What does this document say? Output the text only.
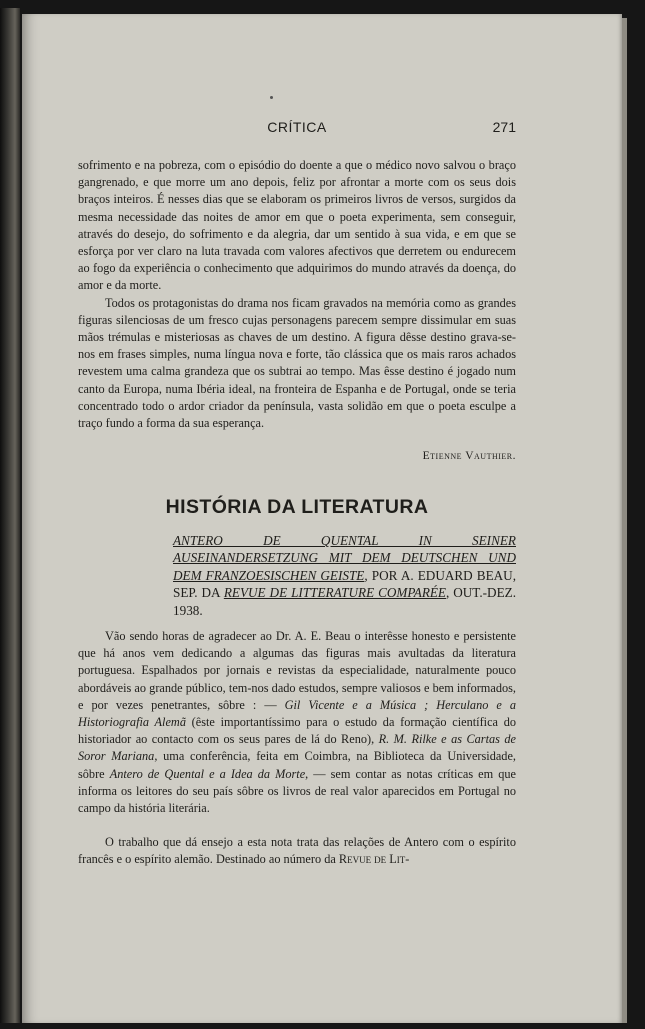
CRÍTICA	271

sofrimento e na pobreza, com o episódio do doente a que o médico novo salvou o braço gangrenado, e que morre um ano depois, feliz por afrontar a morte com os seus dois braços inteiros. É nesses dias que se elaboram os primeiros livros de versos, surgidos da mesma necessidade das noites de amor em que o poeta experimenta, sem conseguir, através do desejo, do sofrimento e da alegria, dar um sentido à sua vida, e em que se esforça por ver claro na luta travada com valores afectivos que derretem ou endurecem ao fogo da experiência o conhecimento que adquirimos do mundo através da doença, do amor e da morte.

Todos os protagonistas do drama nos ficam gravados na memória como as grandes figuras silenciosas de um fresco cujas personagens parecem sempre dissimular em suas mãos trémulas e misteriosas as chaves de um destino. A figura dêsse destino grava-se-nos em frases simples, numa língua nova e forte, tão clássica que os mais raros achados revestem uma calma grandeza que os subtrai ao tempo. Mas êsse destino é jogado num canto da Europa, numa Ibéria ideal, na fronteira de Espanha e de Portugal, onde se teria concentrado todo o ardor criador da península, vasta solidão em que o poeta esculpe a traço fundo a forma da sua esperança.

Etienne Vauthier.
HISTÓRIA DA LITERATURA
ANTERO DE QUENTAL IN SEINER AUSEINANDERSETZUNG MIT DEM DEUTSCHEN UND DEM FRANZOESISCHEN GEISTE, POR A. EDUARD BEAU, SEP. DA REVUE DE LITTERATURE COMPARÉE, OUT.-DEZ. 1938.

Vão sendo horas de agradecer ao Dr. A. E. Beau o interêsse honesto e persistente que há anos vem dedicando a algumas das figuras mais avultadas da literatura portuguesa. Espalhados por jornais e revistas da especialidade, naturalmente pouco abordáveis ao grande público, tem-nos dado estudos, sempre valiosos e bem informados, e por vezes penetrantes, sôbre : — Gil Vicente e a Música ; Herculano e a Historiografia Alemã (êste importantíssimo para o estudo da formação científica do historiador ao contacto com os seus pares de lá do Reno), R. M. Rilke e as Cartas de Soror Mariana, uma conferência, feita em Coimbra, na Biblioteca da Universidade, sôbre Antero de Quental e a Idea da Morte, — sem contar as notas críticas em que informa os leitores do seu país sôbre os livros de real valor aparecidos em Portugal no campo da história literária.

O trabalho que dá ensejo a esta nota trata das relações de Antero com o espírito francês e o espírito alemão. Destinado ao número da Revue de Lit-
